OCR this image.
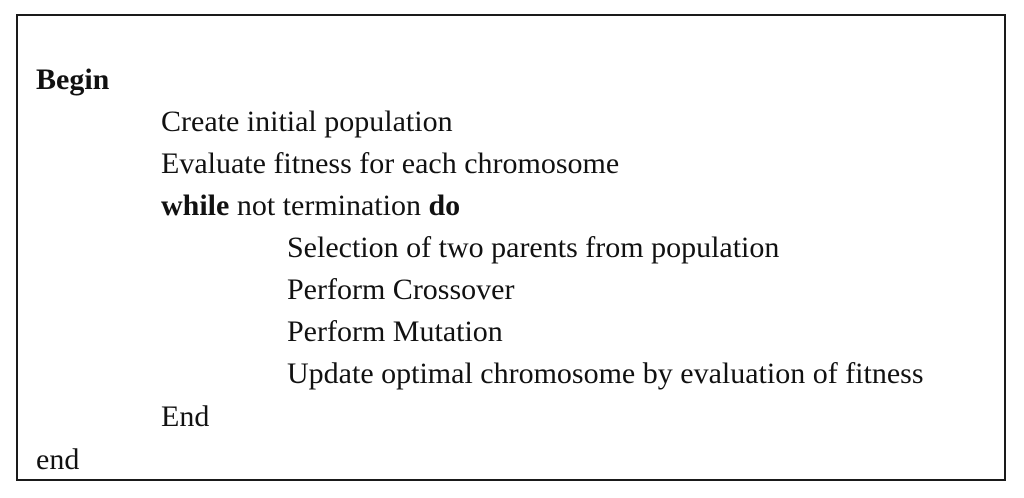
Begin
Create initial population
Evaluate fitness for each chromosome
while not termination do
Selection of two parents from population
Perform Crossover
Perform Mutation
Update optimal chromosome by evaluation of fitness
End
end
